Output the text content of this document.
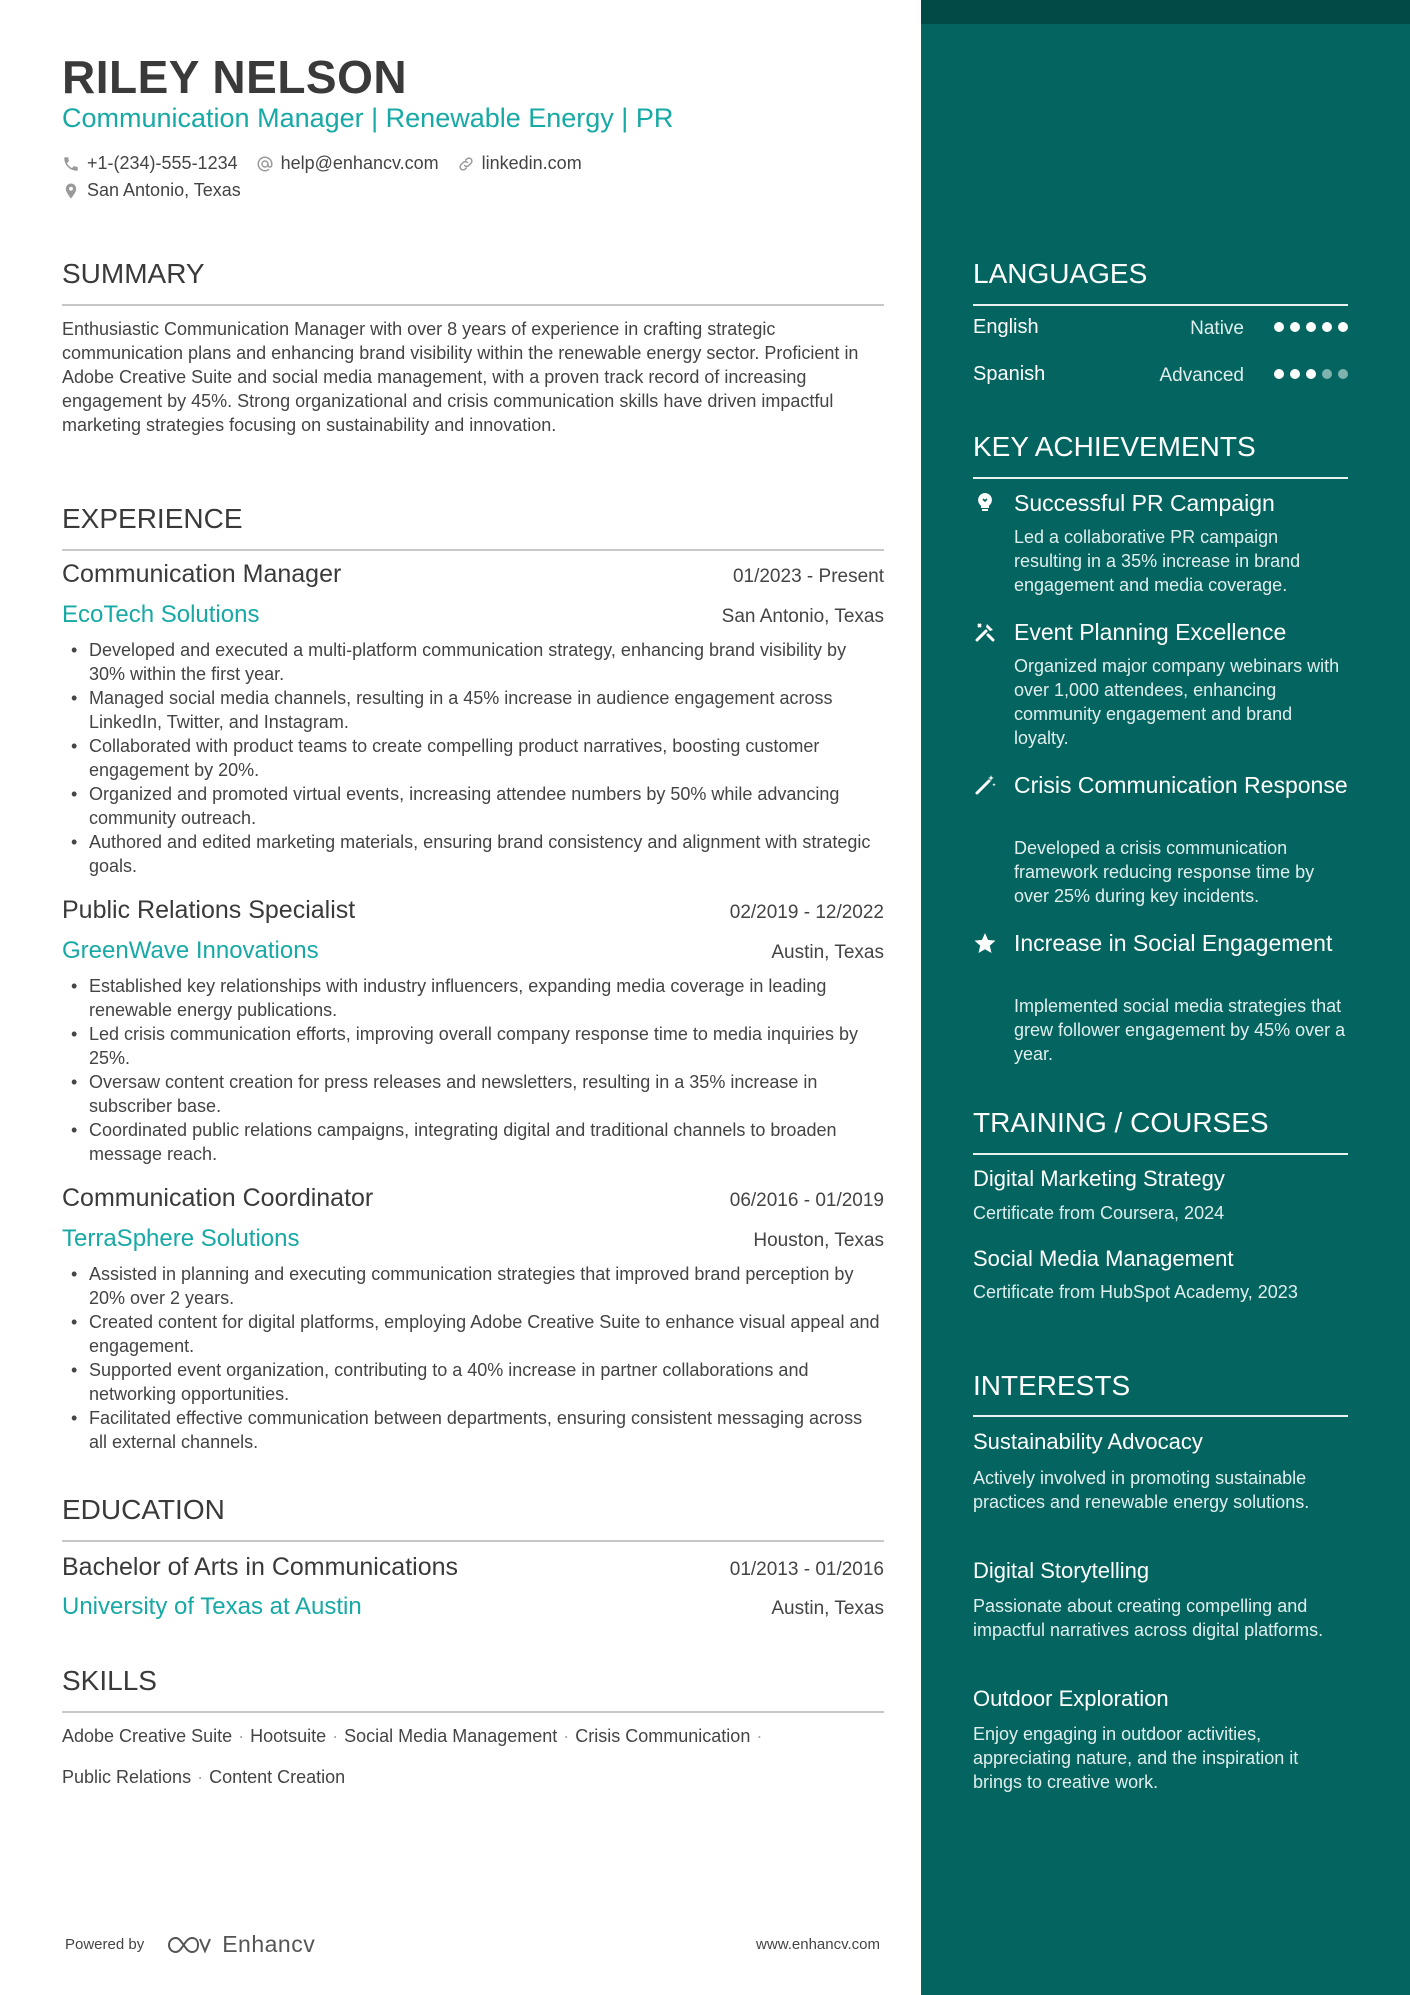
RILEY NELSON
Communication Manager | Renewable Energy | PR
+1-(234)-555-1234 help@enhancv.com linkedin.com
San Antonio, Texas
SUMMARY
Enthusiastic Communication Manager with over 8 years of experience in crafting strategic communication plans and enhancing brand visibility within the renewable energy sector. Proficient in Adobe Creative Suite and social media management, with a proven track record of increasing engagement by 45%. Strong organizational and crisis communication skills have driven impactful marketing strategies focusing on sustainability and innovation.
EXPERIENCE
Communication Manager	01/2023 - Present
EcoTech Solutions	San Antonio, Texas
• Developed and executed a multi-platform communication strategy, enhancing brand visibility by 30% within the first year.
• Managed social media channels, resulting in a 45% increase in audience engagement across LinkedIn, Twitter, and Instagram.
• Collaborated with product teams to create compelling product narratives, boosting customer engagement by 20%.
• Organized and promoted virtual events, increasing attendee numbers by 50% while advancing community outreach.
• Authored and edited marketing materials, ensuring brand consistency and alignment with strategic goals.
Public Relations Specialist	02/2019 - 12/2022
GreenWave Innovations	Austin, Texas
• Established key relationships with industry influencers, expanding media coverage in leading renewable energy publications.
• Led crisis communication efforts, improving overall company response time to media inquiries by 25%.
• Oversaw content creation for press releases and newsletters, resulting in a 35% increase in subscriber base.
• Coordinated public relations campaigns, integrating digital and traditional channels to broaden message reach.
Communication Coordinator	06/2016 - 01/2019
TerraSphere Solutions	Houston, Texas
• Assisted in planning and executing communication strategies that improved brand perception by 20% over 2 years.
• Created content for digital platforms, employing Adobe Creative Suite to enhance visual appeal and engagement.
• Supported event organization, contributing to a 40% increase in partner collaborations and networking opportunities.
• Facilitated effective communication between departments, ensuring consistent messaging across all external channels.
EDUCATION
Bachelor of Arts in Communications	01/2013 - 01/2016
University of Texas at Austin	Austin, Texas
SKILLS
Adobe Creative Suite · Hootsuite · Social Media Management · Crisis Communication ·
Public Relations · Content Creation
Powered by	Enhancv	www.enhancv.com
LANGUAGES
English	Native
Spanish	Advanced
KEY ACHIEVEMENTS
Successful PR Campaign
Led a collaborative PR campaign resulting in a 35% increase in brand engagement and media coverage.
Event Planning Excellence
Organized major company webinars with over 1,000 attendees, enhancing community engagement and brand loyalty.
Crisis Communication Response
Developed a crisis communication framework reducing response time by over 25% during key incidents.
Increase in Social Engagement
Implemented social media strategies that grew follower engagement by 45% over a year.
TRAINING / COURSES
Digital Marketing Strategy
Certificate from Coursera, 2024
Social Media Management
Certificate from HubSpot Academy, 2023
INTERESTS
Sustainability Advocacy
Actively involved in promoting sustainable practices and renewable energy solutions.
Digital Storytelling
Passionate about creating compelling and impactful narratives across digital platforms.
Outdoor Exploration
Enjoy engaging in outdoor activities, appreciating nature, and the inspiration it brings to creative work.
